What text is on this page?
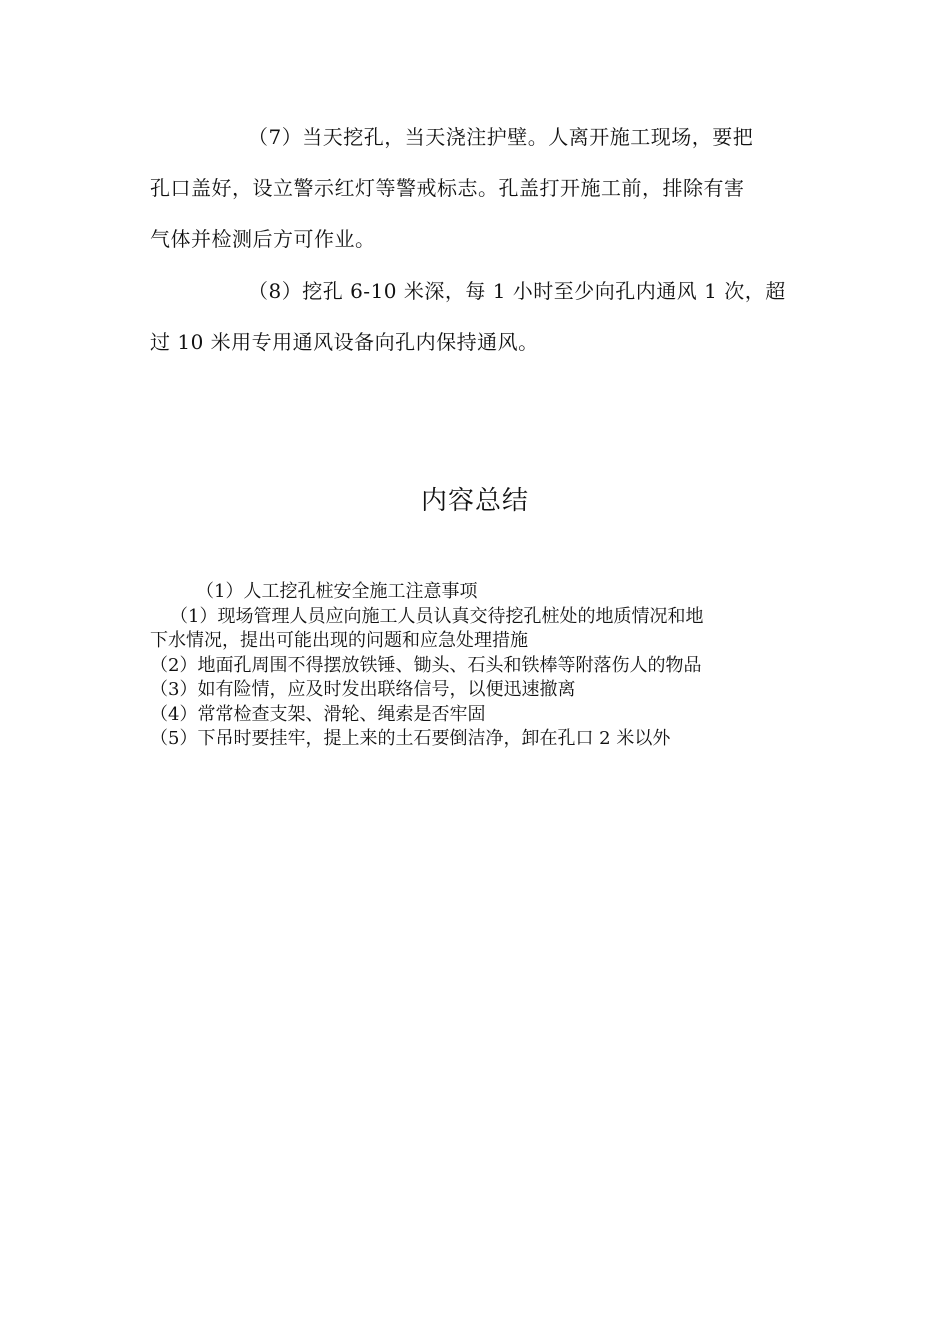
（7）当天挖孔，当天浇注护壁。人离开施工现场，要把
孔口盖好，设立警示红灯等警戒标志。孔盖打开施工前，排除有害
气体并检测后方可作业。

（8）挖孔 6-10 米深，每 1 小时至少向孔内通风 1 次，超
过 10 米用专用通风设备向孔内保持通风。

内容总结
（1）人工挖孔桩安全施工注意事项
（1）现场管理人员应向施工人员认真交待挖孔桩处的地质情况和地
下水情况，提出可能出现的问题和应急处理措施
（2）地面孔周围不得摆放铁锤、锄头、石头和铁棒等附落伤人的物品
（3）如有险情，应及时发出联络信号，以便迅速撤离
（4）常常检查支架、滑轮、绳索是否牢固
（5）下吊时要挂牢，提上来的土石要倒洁净，卸在孔口 2 米以外
